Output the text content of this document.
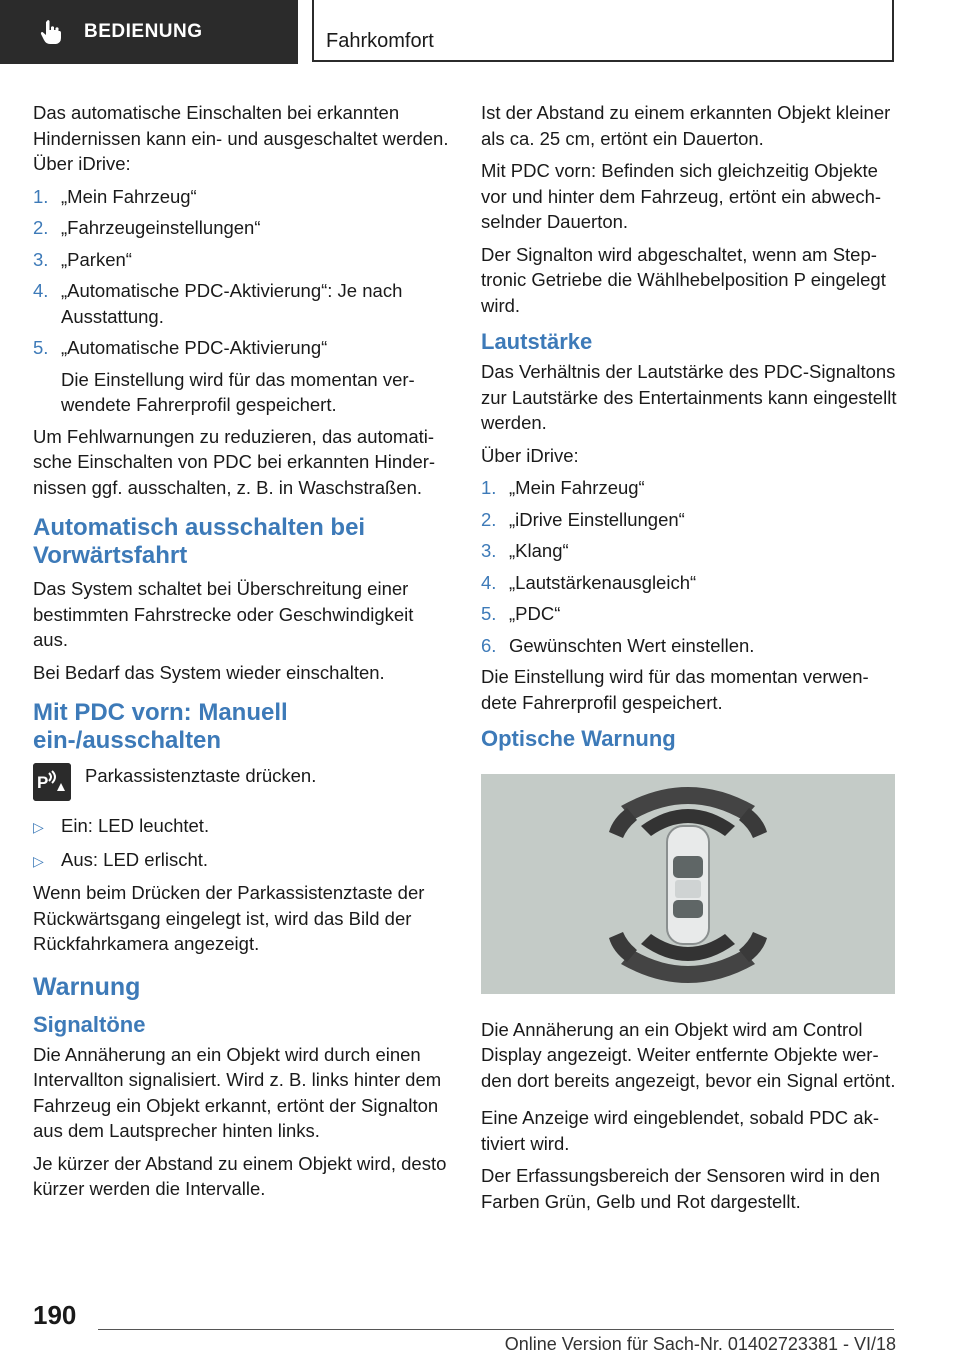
BEDIENUNG	Fahrkomfort

Das automatische Einschalten bei erkannten Hindernissen kann ein- und ausgeschaltet werden. Über iDrive:

1. „Mein Fahrzeug“
2. „Fahrzeugeinstellungen“
3. „Parken“
4. „Automatische PDC-Aktivierung“: Je nach Ausstattung.
5. „Automatische PDC-Aktivierung“

Die Einstellung wird für das momentan verwendete Fahrerprofil gespeichert.

Um Fehlwarnungen zu reduzieren, das automatische Einschalten von PDC bei erkannten Hindernissen ggf. ausschalten, z. B. in Waschstraßen.

Automatisch ausschalten bei Vorwärtsfahrt

Das System schaltet bei Überschreitung einer bestimmten Fahrstrecke oder Geschwindigkeit aus.

Bei Bedarf das System wieder einschalten.

Mit PDC vorn: Manuell ein-/ausschalten
P Parkassistenztaste drücken.
▷ Ein: LED leuchtet.
▷ Aus: LED erlischt.

Wenn beim Drücken der Parkassistenztaste der Rückwärtsgang eingelegt ist, wird das Bild der Rückfahrkamera angezeigt.

Warnung
Signaltöne

Die Annäherung an ein Objekt wird durch einen Intervallton signalisiert. Wird z. B. links hinter dem Fahrzeug ein Objekt erkannt, ertönt der Signalton aus dem Lautsprecher hinten links.

Je kürzer der Abstand zu einem Objekt wird, desto kürzer werden die Intervalle.

Ist der Abstand zu einem erkannten Objekt kleiner als ca. 25 cm, ertönt ein Dauerton.

Mit PDC vorn: Befinden sich gleichzeitig Objekte vor und hinter dem Fahrzeug, ertönt ein abwechselnder Dauerton.

Der Signalton wird abgeschaltet, wenn am Steptronic Getriebe die Wählhebelposition P eingelegt wird.

Lautstärke

Das Verhältnis der Lautstärke des PDC-Signaltons zur Lautstärke des Entertainments kann eingestellt werden.

Über iDrive:

1. „Mein Fahrzeug“
2. „iDrive Einstellungen“
3. „Klang“
4. „Lautstärkenausgleich“
5. „PDC“
6. Gewünschten Wert einstellen.

Die Einstellung wird für das momentan verwendete Fahrerprofil gespeichert.

Optische Warnung

Die Annäherung an ein Objekt wird am Control Display angezeigt. Weiter entfernte Objekte werden dort bereits angezeigt, bevor ein Signal ertönt.

Eine Anzeige wird eingeblendet, sobald PDC aktiviert wird.

Der Erfassungsbereich der Sensoren wird in den Farben Grün, Gelb und Rot dargestellt.

190
Online Version für Sach-Nr. 01402723381 - VI/18
